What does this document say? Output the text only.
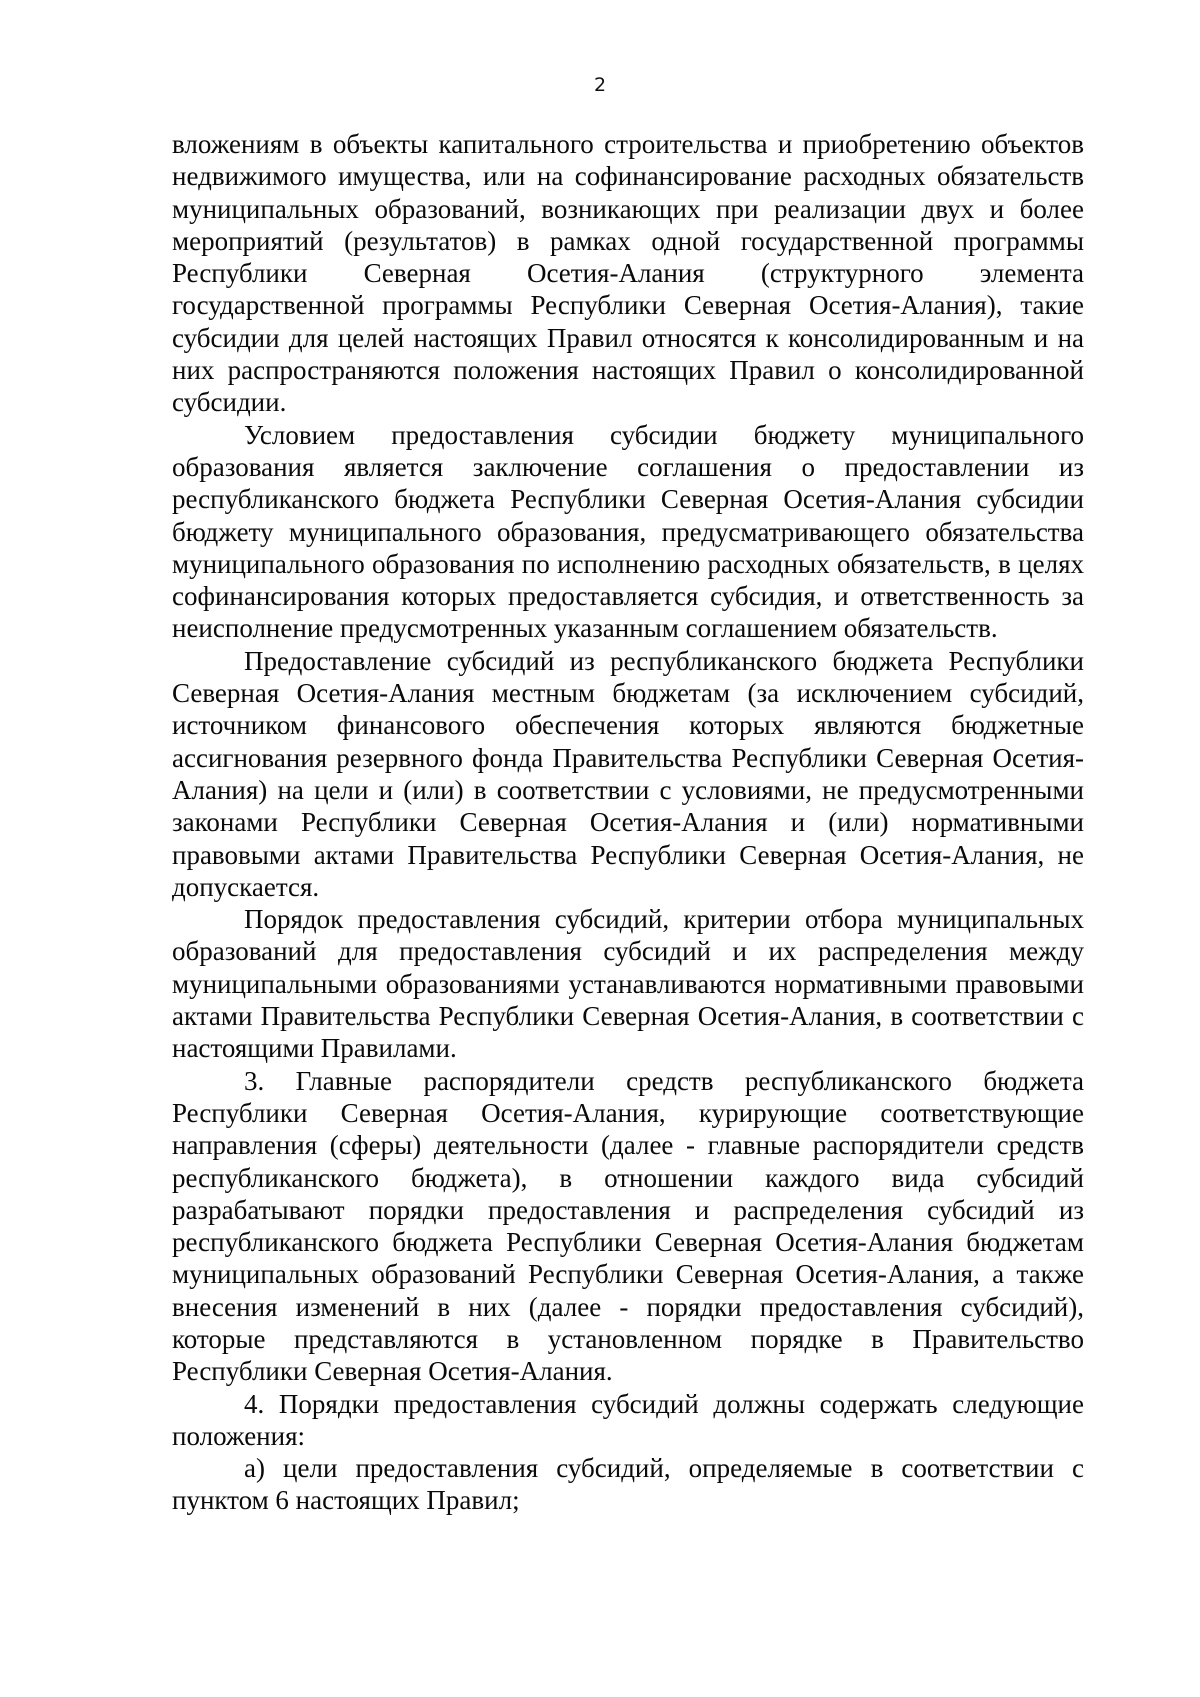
2

вложениям в объекты капитального строительства и приобретению объектов недвижимого имущества, или на софинансирование расходных обязательств муниципальных образований, возникающих при реализации двух и более мероприятий (результатов) в рамках одной государственной программы Республики Северная Осетия-Алания (структурного элемента государственной программы Республики Северная Осетия-Алания), такие субсидии для целей настоящих Правил относятся к консолидированным и на них распространяются положения настоящих Правил о консолидированной субсидии.

Условием предоставления субсидии бюджету муниципального образования является заключение соглашения о предоставлении из республиканского бюджета Республики Северная Осетия-Алания субсидии бюджету муниципального образования, предусматривающего обязательства муниципального образования по исполнению расходных обязательств, в целях софинансирования которых предоставляется субсидия, и ответственность за неисполнение предусмотренных указанным соглашением обязательств.

Предоставление субсидий из республиканского бюджета Республики Северная Осетия-Алания местным бюджетам (за исключением субсидий, источником финансового обеспечения которых являются бюджетные ассигнования резервного фонда Правительства Республики Северная Осетия-Алания) на цели и (или) в соответствии с условиями, не предусмотренными законами Республики Северная Осетия-Алания и (или) нормативными правовыми актами Правительства Республики Северная Осетия-Алания, не допускается.

Порядок предоставления субсидий, критерии отбора муниципальных образований для предоставления субсидий и их распределения между муниципальными образованиями устанавливаются нормативными правовыми актами Правительства Республики Северная Осетия-Алания, в соответствии с настоящими Правилами.

3. Главные распорядители средств республиканского бюджета Республики Северная Осетия-Алания, курирующие соответствующие направления (сферы) деятельности (далее - главные распорядители средств республиканского бюджета), в отношении каждого вида субсидий разрабатывают порядки предоставления и распределения субсидий из республиканского бюджета Республики Северная Осетия-Алания бюджетам муниципальных образований Республики Северная Осетия-Алания, а также внесения изменений в них (далее - порядки предоставления субсидий), которые представляются в установленном порядке в Правительство Республики Северная Осетия-Алания.

4. Порядки предоставления субсидий должны содержать следующие положения:

а) цели предоставления субсидий, определяемые в соответствии с пунктом 6 настоящих Правил;
